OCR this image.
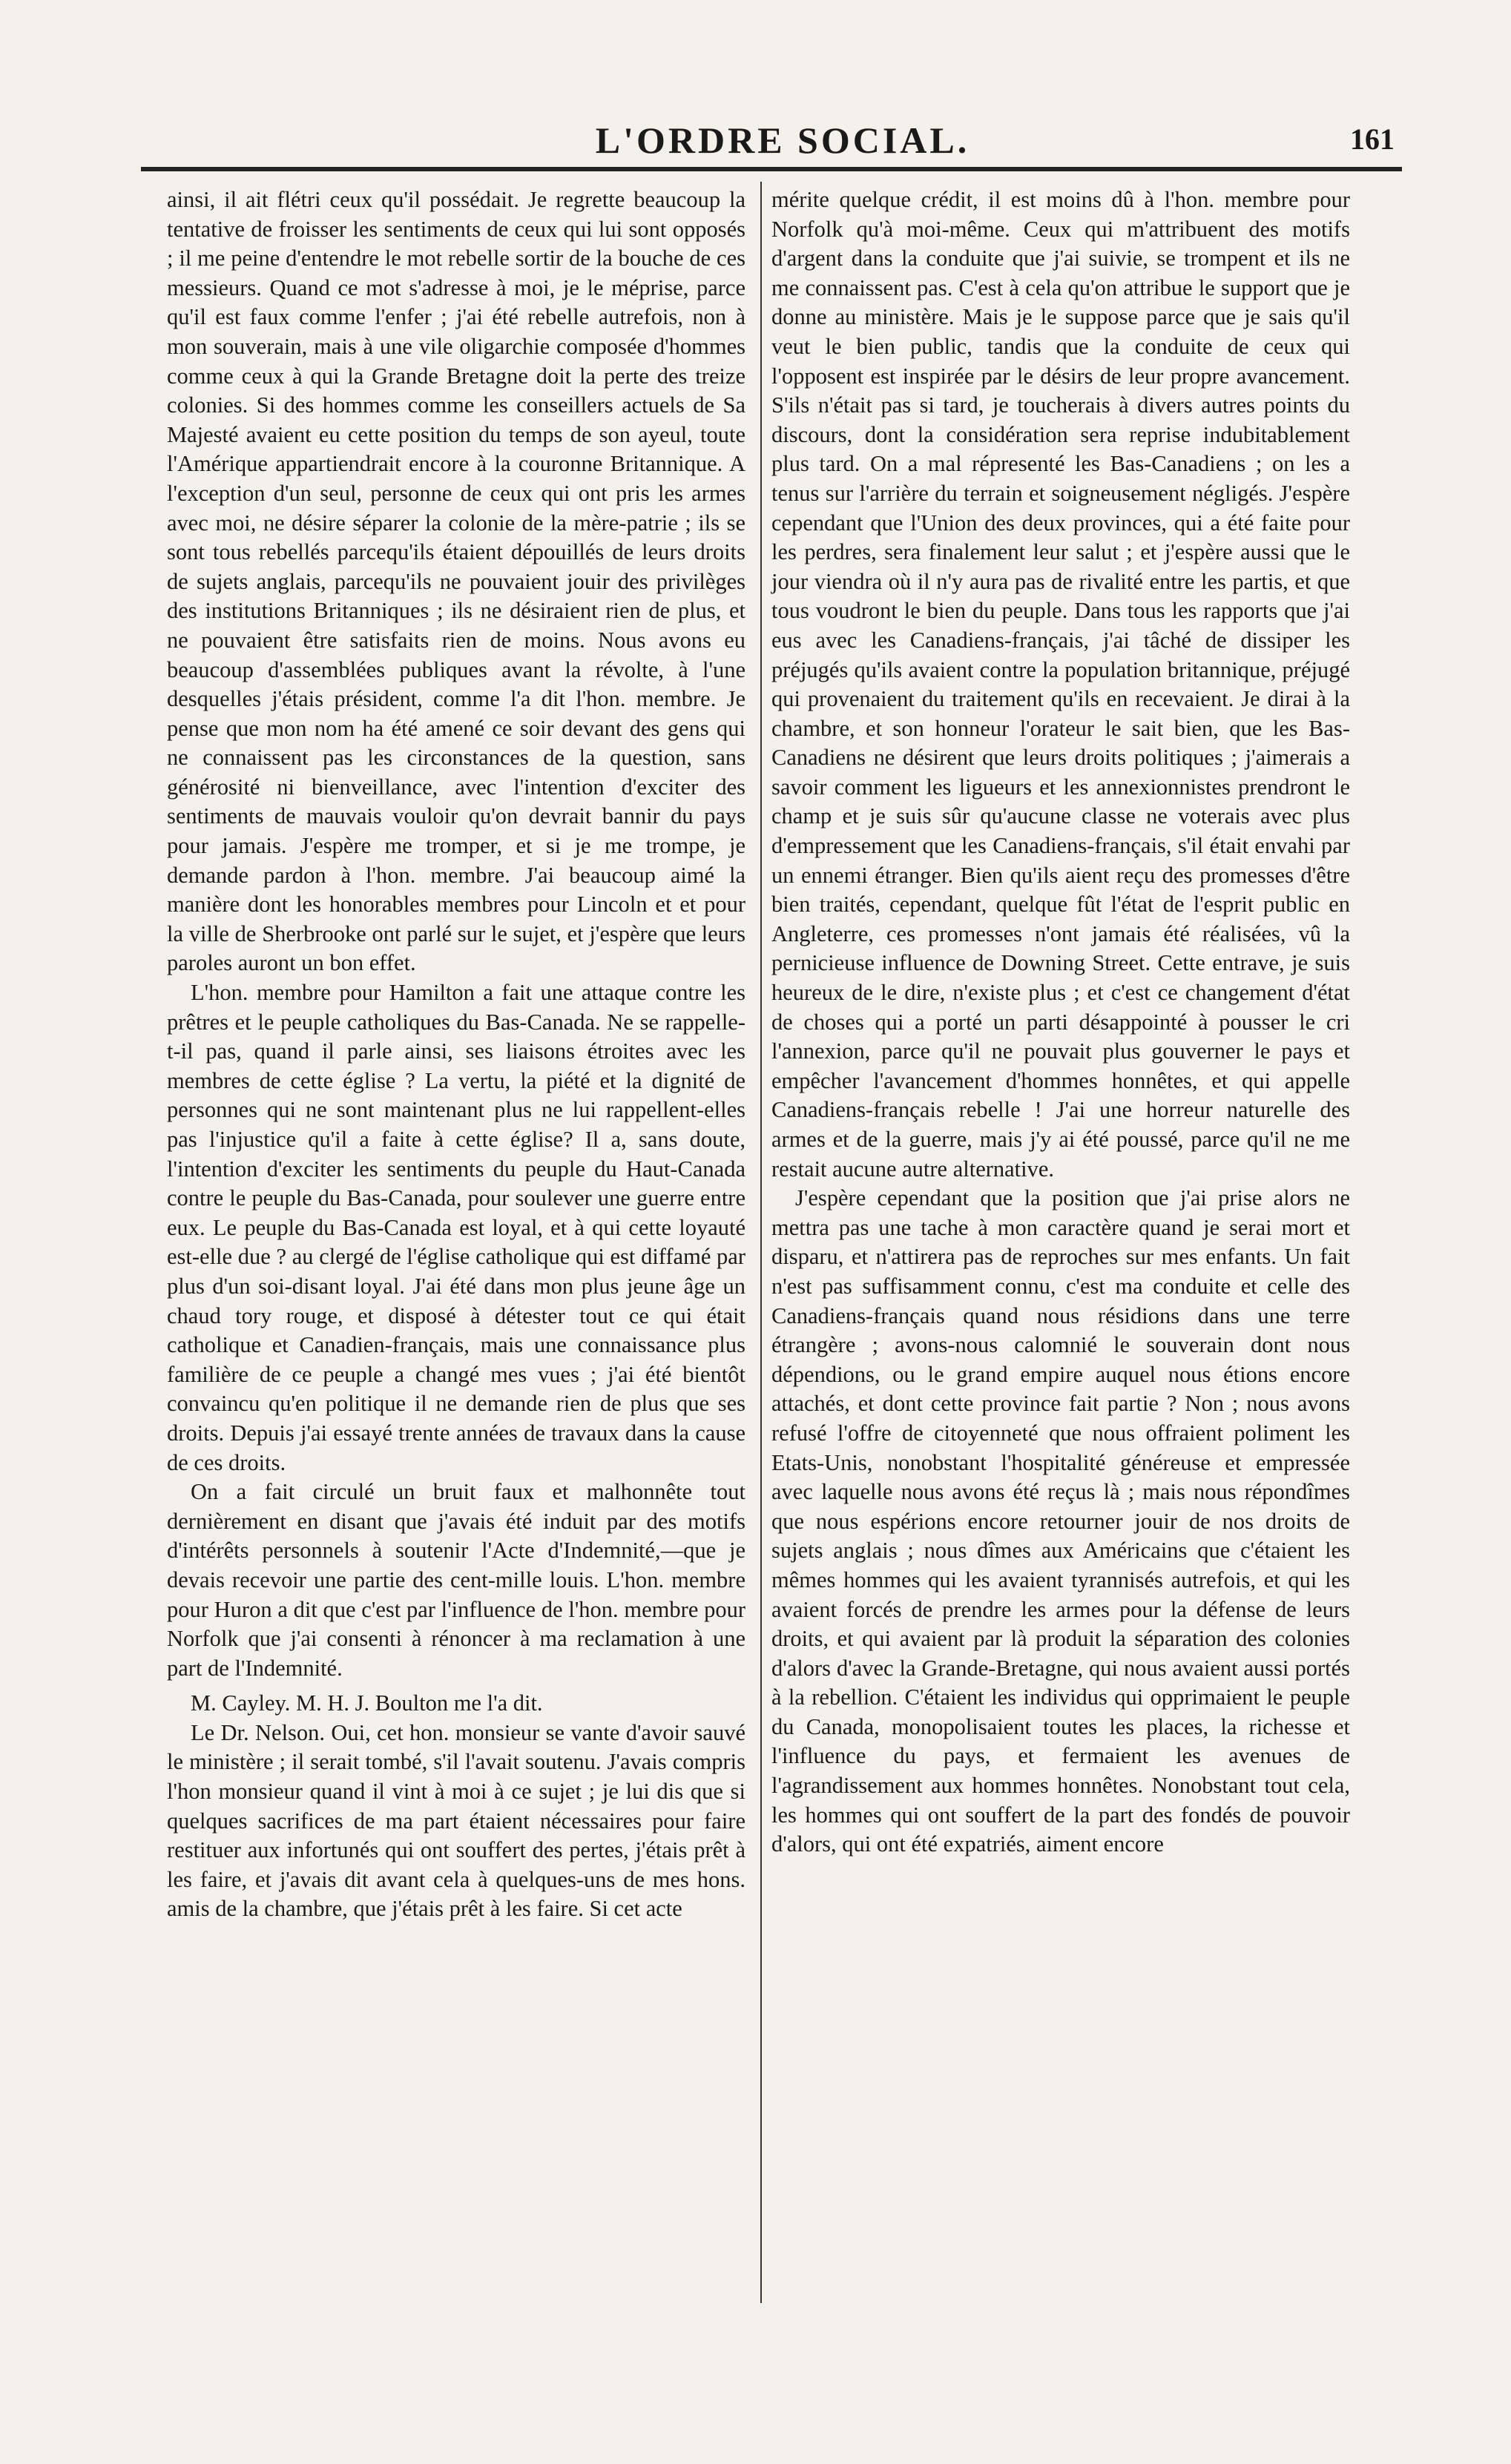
L'ORDRE SOCIAL.	161

ainsi, il ait flétri ceux qu'il possédait. Je regrette beaucoup la tentative de froisser les sentiments de ceux qui lui sont opposés ; il me peine d'entendre le mot rebelle sortir de la bouche de ces messieurs. Quand ce mot s'adresse à moi, je le méprise, parce qu'il est faux comme l'enfer ; j'ai été rebelle autrefois, non à mon souverain, mais à une vile oligarchie composée d'hommes comme ceux à qui la Grande Bretagne doit la perte des treize colonies. Si des hommes comme les conseillers actuels de Sa Majesté avaient eu cette position du temps de son ayeul, toute l'Amérique appartiendrait encore à la couronne Britannique. A l'exception d'un seul, personne de ceux qui ont pris les armes avec moi, ne désire séparer la colonie de la mère-patrie ; ils se sont tous rebellés parcequ'ils étaient dépouillés de leurs droits de sujets anglais, parcequ'ils ne pouvaient jouir des privilèges des institutions Britanniques ; ils ne désiraient rien de plus, et ne pouvaient être satisfaits rien de moins. Nous avons eu beaucoup d'assemblées publiques avant la révolte, à l'une desquelles j'étais président, comme l'a dit l'hon. membre. Je pense que mon nom ha été amené ce soir devant des gens qui ne connaissent pas les circonstances de la question, sans générosité ni bienveillance, avec l'intention d'exciter des sentiments de mauvais vouloir qu'on devrait bannir du pays pour jamais. J'espère me tromper, et si je me trompe, je demande pardon à l'hon. membre. J'ai beaucoup aimé la manière dont les honorables membres pour Lincoln et et pour la ville de Sherbrooke ont parlé sur le sujet, et j'espère que leurs paroles auront un bon effet.

L'hon. membre pour Hamilton a fait une attaque contre les prêtres et le peuple catholiques du Bas-Canada. Ne se rappelle-t-il pas, quand il parle ainsi, ses liaisons étroites avec les membres de cette église ? La vertu, la piété et la dignité de personnes qui ne sont maintenant plus ne lui rappellent-elles pas l'injustice qu'il a faite à cette église? Il a, sans doute, l'intention d'exciter les sentiments du peuple du Haut-Canada contre le peuple du Bas-Canada, pour soulever une guerre entre eux. Le peuple du Bas-Canada est loyal, et à qui cette loyauté est-elle due ? au clergé de l'église catholique qui est diffamé par plus d'un soi-disant loyal. J'ai été dans mon plus jeune âge un chaud tory rouge, et disposé à détester tout ce qui était catholique et Canadien-français, mais une connaissance plus familière de ce peuple a changé mes vues ; j'ai été bientôt convaincu qu'en politique il ne demande rien de plus que ses droits. Depuis j'ai essayé trente années de travaux dans la cause de ces droits.

On a fait circulé un bruit faux et malhonnête tout dernièrement en disant que j'avais été induit par des motifs d'intérêts personnels à soutenir l'Acte d'Indemnité,—que je devais recevoir une partie des cent-mille louis. L'hon. membre pour Huron a dit que c'est par l'influence de l'hon. membre pour Norfolk que j'ai consenti à rénoncer à ma reclamation à une part de l'Indemnité.

M. Cayley. M. H. J. Boulton me l'a dit.

Le Dr. Nelson. Oui, cet hon. monsieur se vante d'avoir sauvé le ministère ; il serait tombé, s'il l'avait soutenu. J'avais compris l'hon monsieur quand il vint à moi à ce sujet ; je lui dis que si quelques sacrifices de ma part étaient nécessaires pour faire restituer aux infortunés qui ont souffert des pertes, j'étais prêt à les faire, et j'avais dit avant cela à quelques-uns de mes hons. amis de la chambre, que j'étais prêt à les faire. Si cet acte

mérite quelque crédit, il est moins dû à l'hon. membre pour Norfolk qu'à moi-même. Ceux qui m'attribuent des motifs d'argent dans la conduite que j'ai suivie, se trompent et ils ne me connaissent pas. C'est à cela qu'on attribue le support que je donne au ministère. Mais je le suppose parce que je sais qu'il veut le bien public, tandis que la conduite de ceux qui l'opposent est inspirée par le désirs de leur propre avancement. S'ils n'était pas si tard, je toucherais à divers autres points du discours, dont la considération sera reprise indubitablement plus tard. On a mal répresenté les Bas-Canadiens ; on les a tenus sur l'arrière du terrain et soigneusement négligés. J'espère cependant que l'Union des deux provinces, qui a été faite pour les perdres, sera finalement leur salut ; et j'espère aussi que le jour viendra où il n'y aura pas de rivalité entre les partis, et que tous voudront le bien du peuple. Dans tous les rapports que j'ai eus avec les Canadiens-français, j'ai tâché de dissiper les préjugés qu'ils avaient contre la population britannique, préjugé qui provenaient du traitement qu'ils en recevaient. Je dirai à la chambre, et son honneur l'orateur le sait bien, que les Bas-Canadiens ne désirent que leurs droits politiques ; j'aimerais a savoir comment les ligueurs et les annexionnistes prendront le champ et je suis sûr qu'aucune classe ne voterais avec plus d'empressement que les Canadiens-français, s'il était envahi par un ennemi étranger. Bien qu'ils aient reçu des promesses d'être bien traités, cependant, quelque fût l'état de l'esprit public en Angleterre, ces promesses n'ont jamais été réalisées, vû la pernicieuse influence de Downing Street. Cette entrave, je suis heureux de le dire, n'existe plus ; et c'est ce changement d'état de choses qui a porté un parti désappointé à pousser le cri l'annexion, parce qu'il ne pouvait plus gouverner le pays et empêcher l'avancement d'hommes honnêtes, et qui appelle Canadiens-français rebelle ! J'ai une horreur naturelle des armes et de la guerre, mais j'y ai été poussé, parce qu'il ne me restait aucune autre alternative.

J'espère cependant que la position que j'ai prise alors ne mettra pas une tache à mon caractère quand je serai mort et disparu, et n'attirera pas de reproches sur mes enfants. Un fait n'est pas suffisamment connu, c'est ma conduite et celle des Canadiens-français quand nous résidions dans une terre étrangère ; avons-nous calomnié le souverain dont nous dépendions, ou le grand empire auquel nous étions encore attachés, et dont cette province fait partie ? Non ; nous avons refusé l'offre de citoyenneté que nous offraient poliment les Etats-Unis, nonobstant l'hospitalité généreuse et empressée avec laquelle nous avons été reçus là ; mais nous répondîmes que nous espérions encore retourner jouir de nos droits de sujets anglais ; nous dîmes aux Américains que c'étaient les mêmes hommes qui les avaient tyrannisés autrefois, et qui les avaient forcés de prendre les armes pour la défense de leurs droits, et qui avaient par là produit la séparation des colonies d'alors d'avec la Grande-Bretagne, qui nous avaient aussi portés à la rebellion. C'étaient les individus qui opprimaient le peuple du Canada, monopolisaient toutes les places, la richesse et l'influence du pays, et fermaient les avenues de l'agrandissement aux hommes honnêtes. Nonobstant tout cela, les hommes qui ont souffert de la part des fondés de pouvoir d'alors, qui ont été expatriés, aiment encore
